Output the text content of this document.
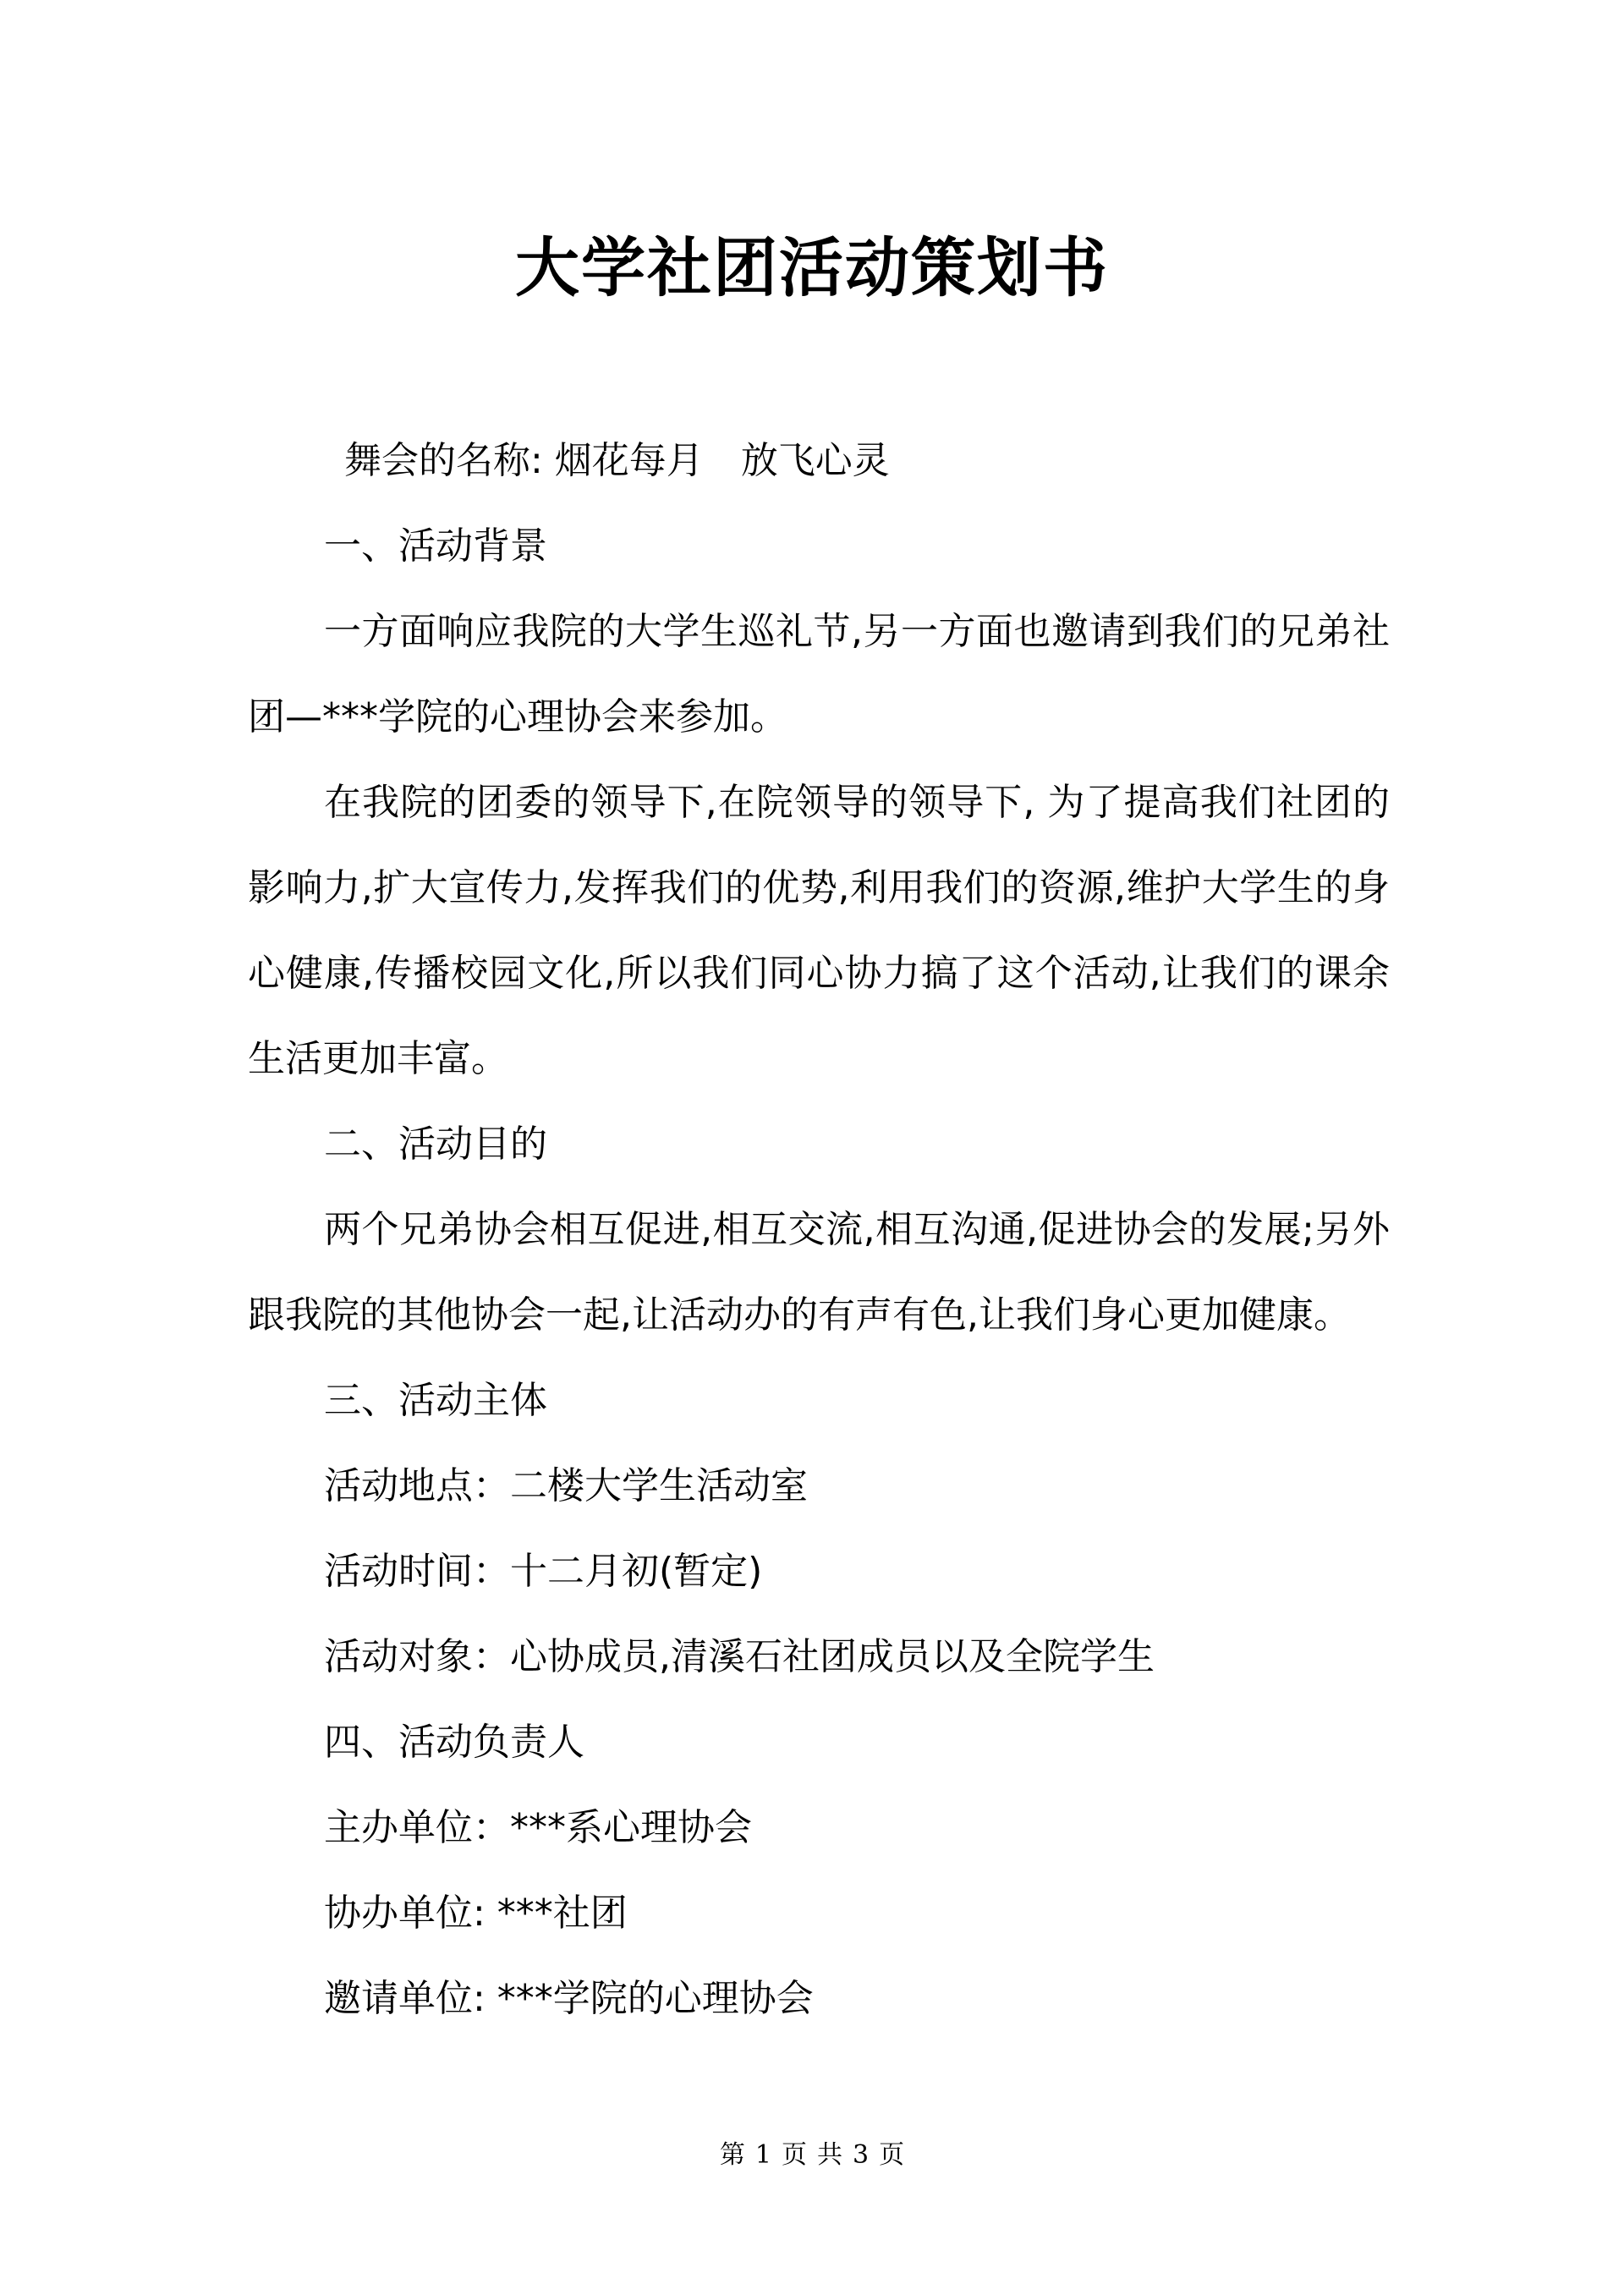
大学社团活动策划书

舞会的名称: 烟花每月 放飞心灵

一、活动背景

一方面响应我院的大学生巡礼节,另一方面也邀请到我们的兄弟社团—***学院的心理协会来参加。

在我院的团委的领导下,在院领导的领导下, 为了提高我们社团的影响力,扩大宣传力,发挥我们的优势,利用我们的资源,维护大学生的身心健康,传播校园文化,所以我们同心协力搞了这个活动,让我们的课余生活更加丰富。

二、活动目的

两个兄弟协会相互促进,相互交流,相互沟通,促进协会的发展;另外跟我院的其他协会一起,让活动办的有声有色,让我们身心更加健康。

三、活动主体

活动地点：二楼大学生活动室

活动时间：十二月初(暂定)

活动对象：心协成员,清溪石社团成员以及全院学生

四、活动负责人

主办单位：***系心理协会

协办单位: ***社团

邀请单位: ***学院的心理协会

第 1 页 共 3 页
